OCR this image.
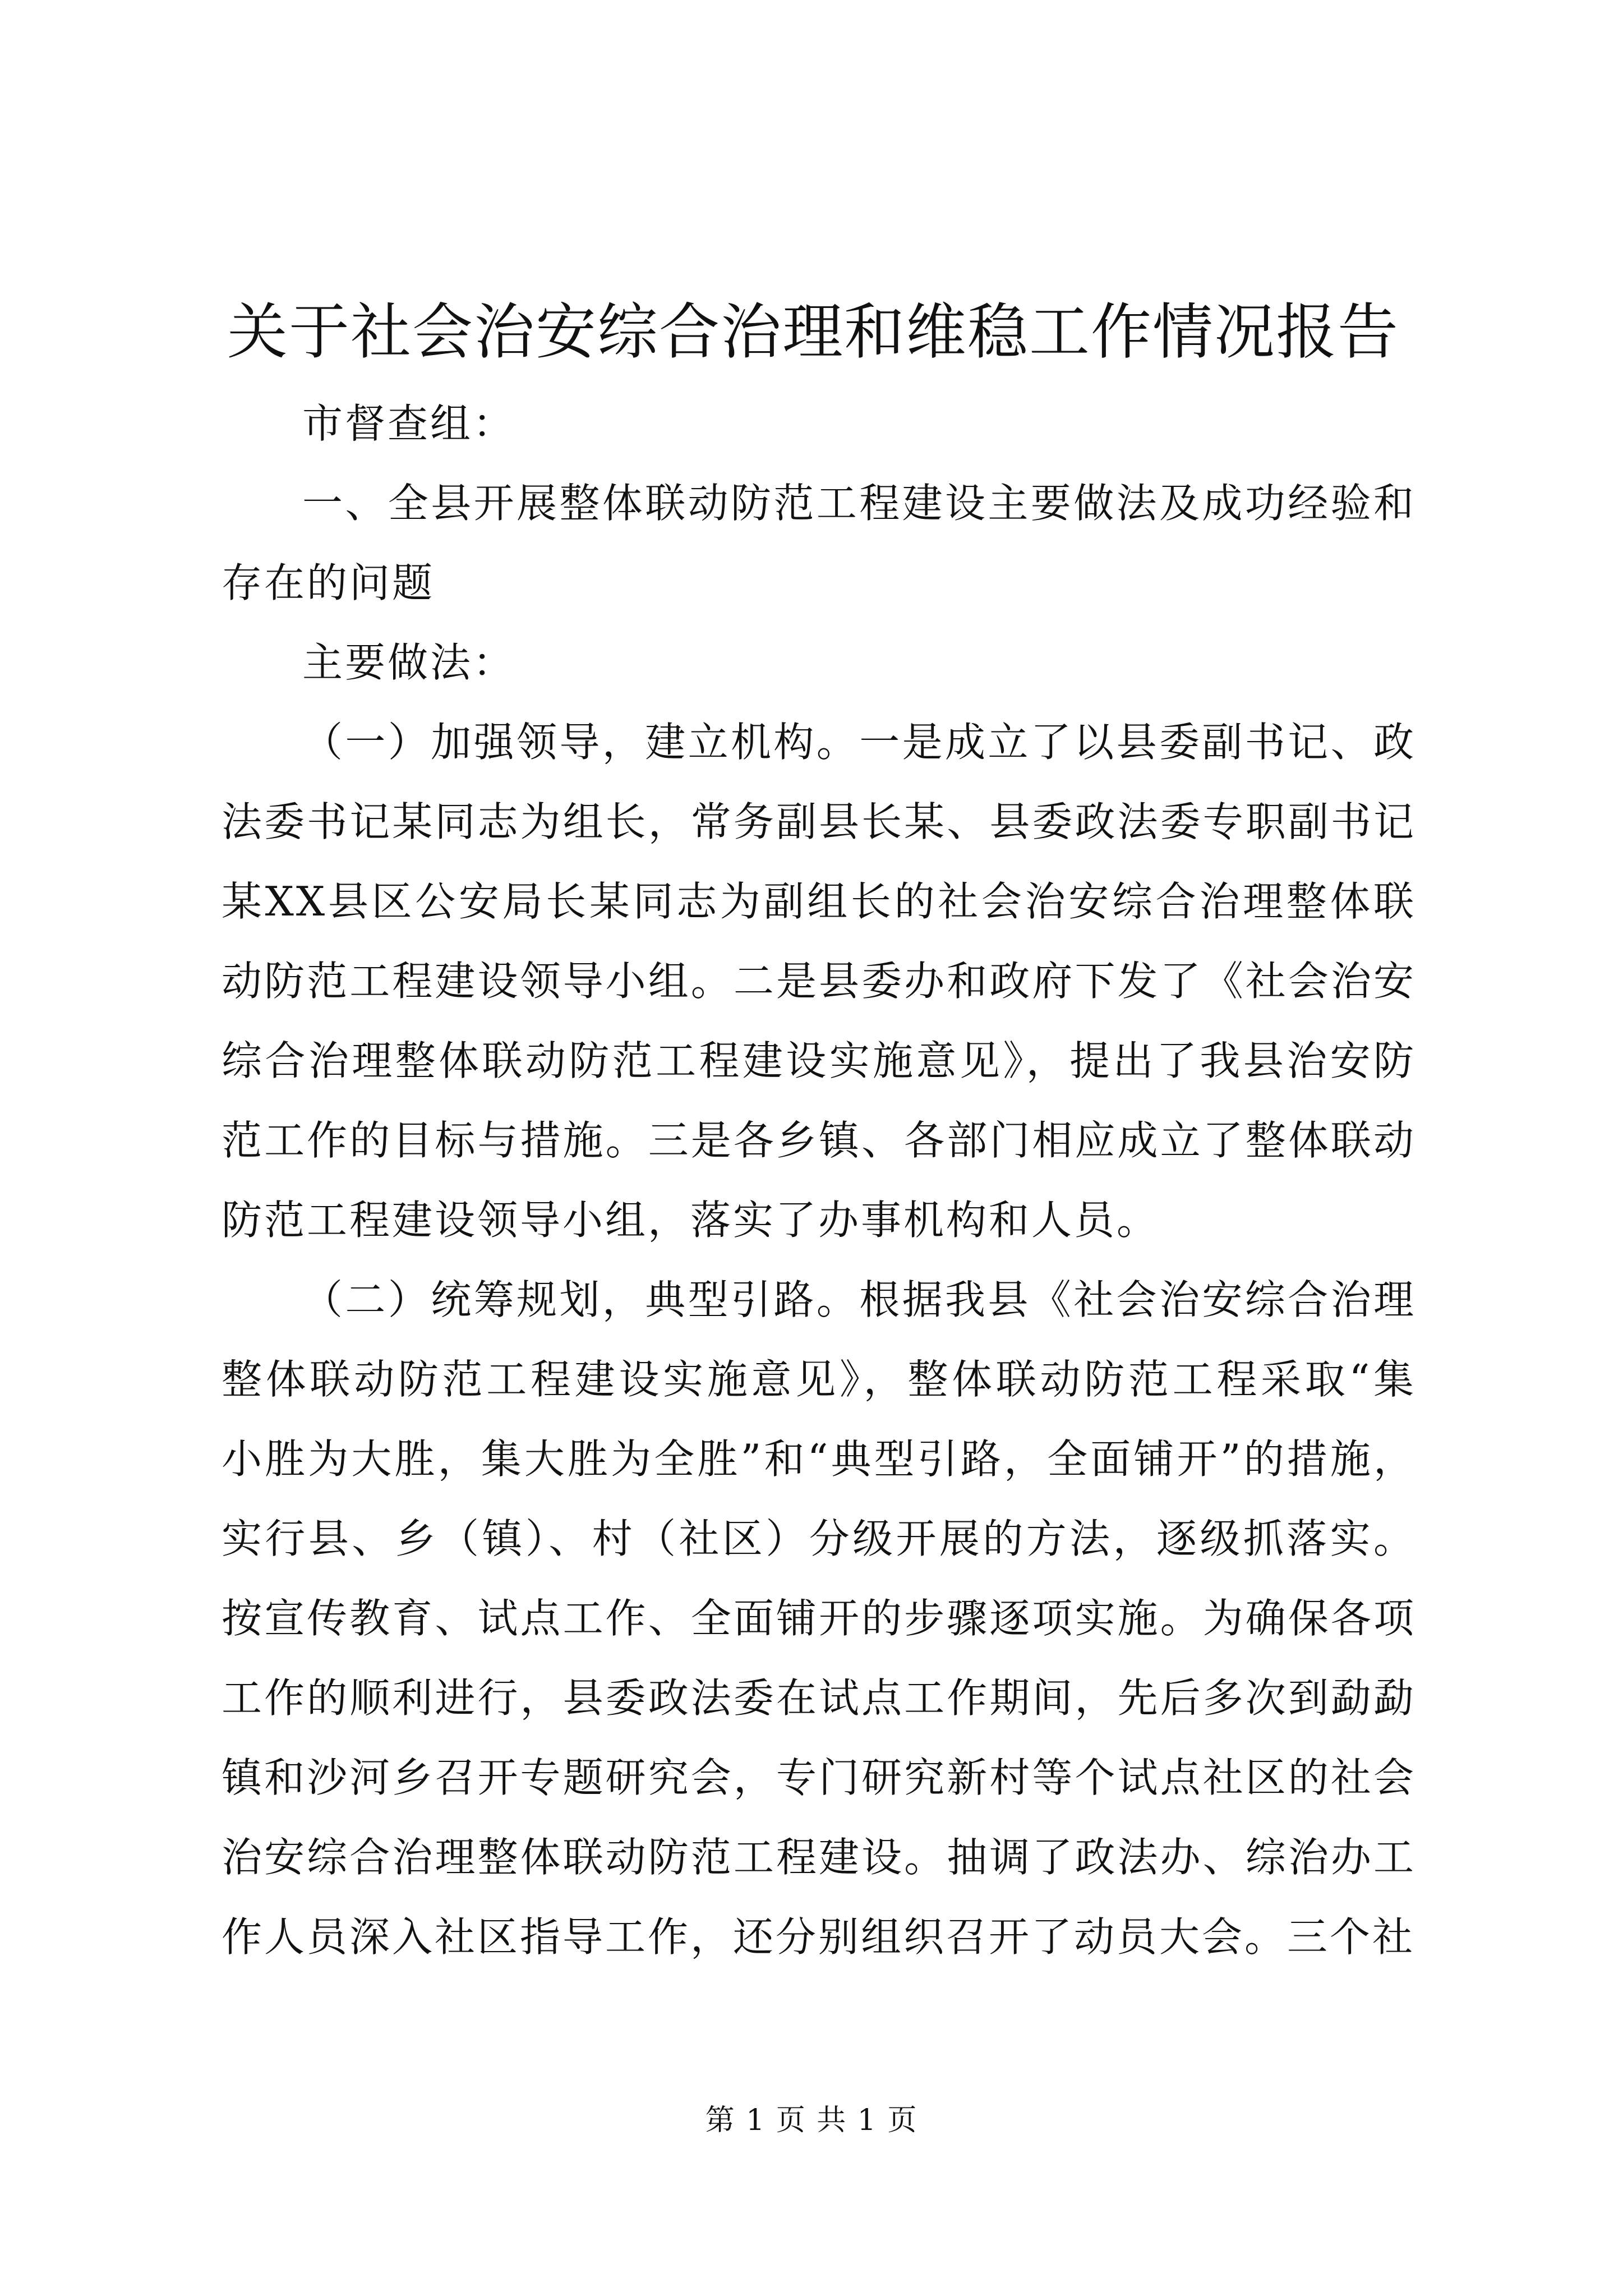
关于社会治安综合治理和维稳工作情况报告

市督查组：

一、全县开展整体联动防范工程建设主要做法及成功经验和存在的问题

主要做法：

（一）加强领导，建立机构。一是成立了以县委副书记、政法委书记某同志为组长，常务副县长某、县委政法委专职副书记某XX县区公安局长某同志为副组长的社会治安综合治理整体联动防范工程建设领导小组。二是县委办和政府下发了《社会治安综合治理整体联动防范工程建设实施意见》，提出了我县治安防范工作的目标与措施。三是各乡镇、各部门相应成立了整体联动防范工程建设领导小组，落实了办事机构和人员。

（二）统筹规划，典型引路。根据我县《社会治安综合治理整体联动防范工程建设实施意见》，整体联动防范工程采取“集小胜为大胜，集大胜为全胜”和“典型引路，全面铺开”的措施，实行县、乡（镇）、村（社区）分级开展的方法，逐级抓落实。按宣传教育、试点工作、全面铺开的步骤逐项实施。为确保各项工作的顺利进行，县委政法委在试点工作期间，先后多次到勐勐镇和沙河乡召开专题研究会，专门研究新村等个试点社区的社会治安综合治理整体联动防范工程建设。抽调了政法办、综治办工作人员深入社区指导工作，还分别组织召开了动员大会。三个社

第 1 页 共 1 页
